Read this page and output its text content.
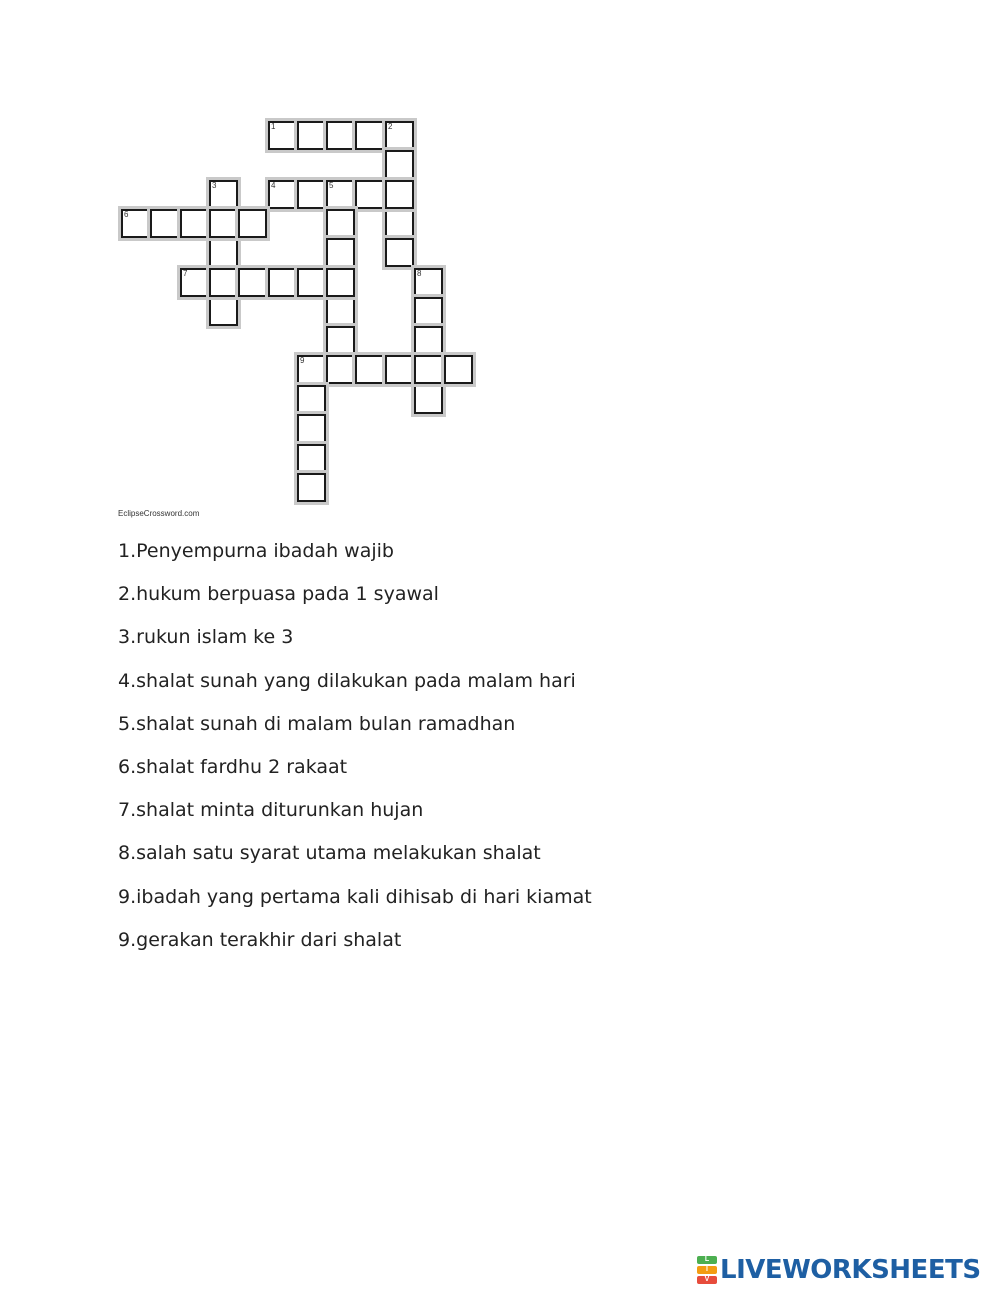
1	2
3	4	5
6
7	8
9
EclipseCrossword.com
1.Penyempurna ibadah wajib
2.hukum berpuasa pada 1 syawal
3.rukun islam ke 3
4.shalat sunah yang dilakukan pada malam hari
5.shalat sunah di malam bulan ramadhan
6.shalat fardhu 2 rakaat
7.shalat minta diturunkan hujan
8.salah satu syarat utama melakukan shalat
9.ibadah yang pertama kali dihisab di hari kiamat
9.gerakan terakhir dari shalat
L
I
V LIVEWORKSHEETS
